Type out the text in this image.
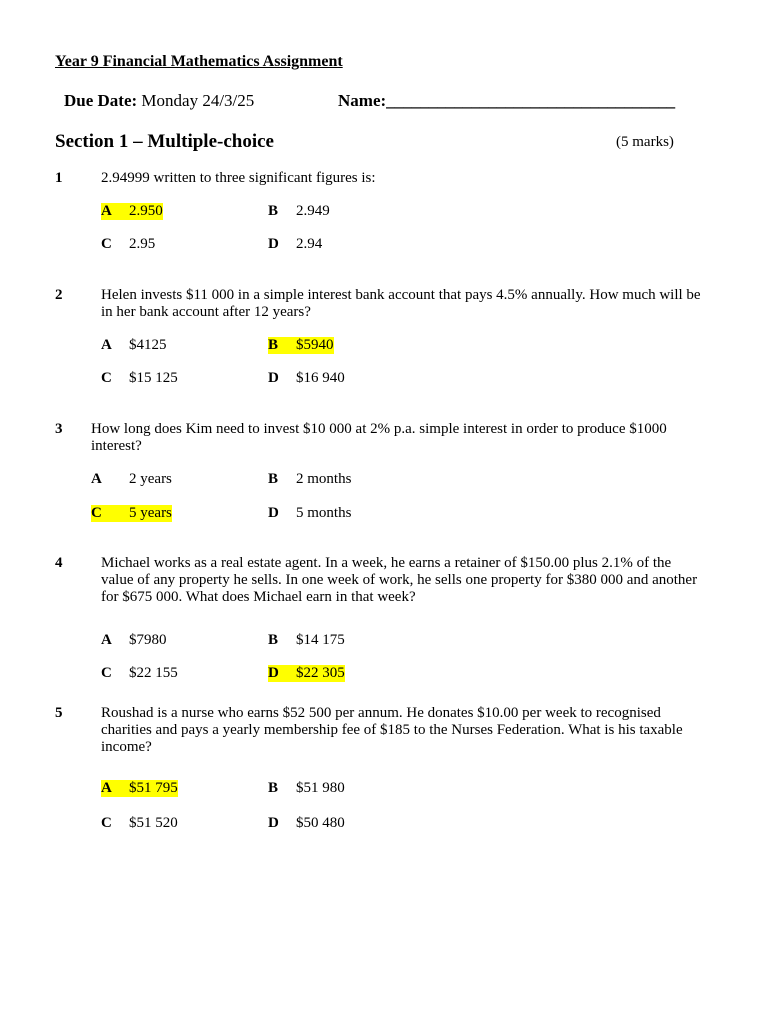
Year 9 Financial Mathematics Assignment
Due Date: Monday 24/3/25	Name:__________________________________
Section 1 – Multiple-choice	(5 marks)
1	2.94999 written to three significant figures is:
A	2.950	B	2.949
C	2.95	D	2.94
2	Helen invests $11 000 in a simple interest bank account that pays 4.5% annually. How much will be in her bank account after 12 years?
A	$4125	B	$5940
C	$15 125	D	$16 940
3 How long does Kim need to invest $10 000 at 2% p.a. simple interest in order to produce $1000 interest?
A	2 years	B	2 months
C	5 years	D	5 months
4	Michael works as a real estate agent. In a week, he earns a retainer of $150.00 plus 2.1% of the value of any property he sells. In one week of work, he sells one property for $380 000 and another for $675 000. What does Michael earn in that week?
A	$7980	B	$14 175
C	$22 155	D	$22 305
5	Roushad is a nurse who earns $52 500 per annum. He donates $10.00 per week to recognised charities and pays a yearly membership fee of $185 to the Nurses Federation. What is his taxable income?
A	$51 795	B	$51 980
C	$51 520	D	$50 480
